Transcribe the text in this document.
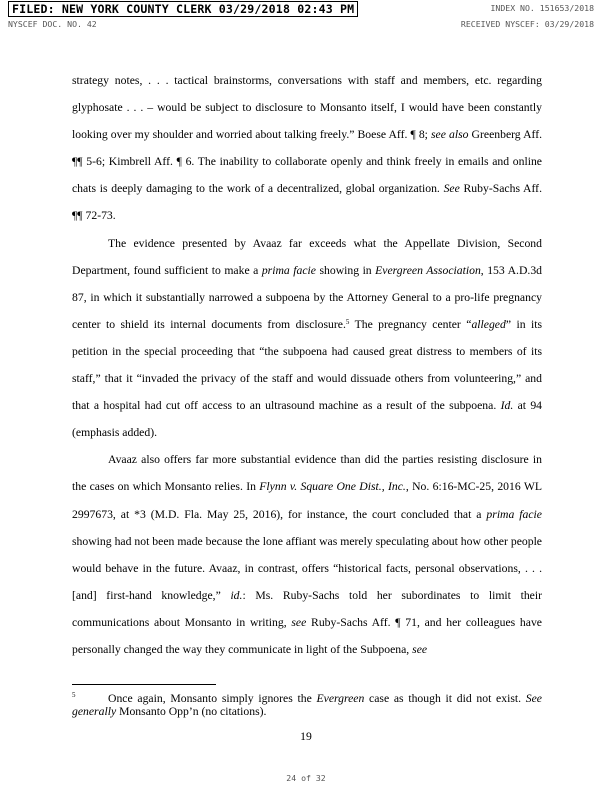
FILED: NEW YORK COUNTY CLERK 03/29/2018 02:43 PM	INDEX NO. 151653/2018
NYSCEF DOC. NO. 42	RECEIVED NYSCEF: 03/29/2018

strategy notes, . . . tactical brainstorms, conversations with staff and members, etc. regarding glyphosate . . . – would be subject to disclosure to Monsanto itself, I would have been constantly looking over my shoulder and worried about talking freely.” Boese Aff. ¶ 8; see also Greenberg Aff. ¶¶ 5-6; Kimbrell Aff. ¶ 6. The inability to collaborate openly and think freely in emails and online chats is deeply damaging to the work of a decentralized, global organization. See Ruby-Sachs Aff. ¶¶ 72-73.

The evidence presented by Avaaz far exceeds what the Appellate Division, Second Department, found sufficient to make a prima facie showing in Evergreen Association, 153 A.D.3d 87, in which it substantially narrowed a subpoena by the Attorney General to a pro-life pregnancy center to shield its internal documents from disclosure.$^5$ The pregnancy center “alleged” in its petition in the special proceeding that “the subpoena had caused great distress to members of its staff,” that it “invaded the privacy of the staff and would dissuade others from volunteering,” and that a hospital had cut off access to an ultrasound machine as a result of the subpoena. Id. at 94 (emphasis added).

Avaaz also offers far more substantial evidence than did the parties resisting disclosure in the cases on which Monsanto relies. In Flynn v. Square One Dist., Inc., No. 6:16-MC-25, 2016 WL 2997673, at *3 (M.D. Fla. May 25, 2016), for instance, the court concluded that a prima facie showing had not been made because the lone affiant was merely speculating about how other people would behave in the future. Avaaz, in contrast, offers “historical facts, personal observations, . . . [and] first-hand knowledge,” id.: Ms. Ruby-Sachs told her subordinates to limit their communications about Monsanto in writing, see Ruby-Sachs Aff. ¶ 71, and her colleagues have personally changed the way they communicate in light of the Subpoena, see

5	Once again, Monsanto simply ignores the Evergreen case as though it did not exist. See generally Monsanto Opp’n (no citations).
19
24 of 32
